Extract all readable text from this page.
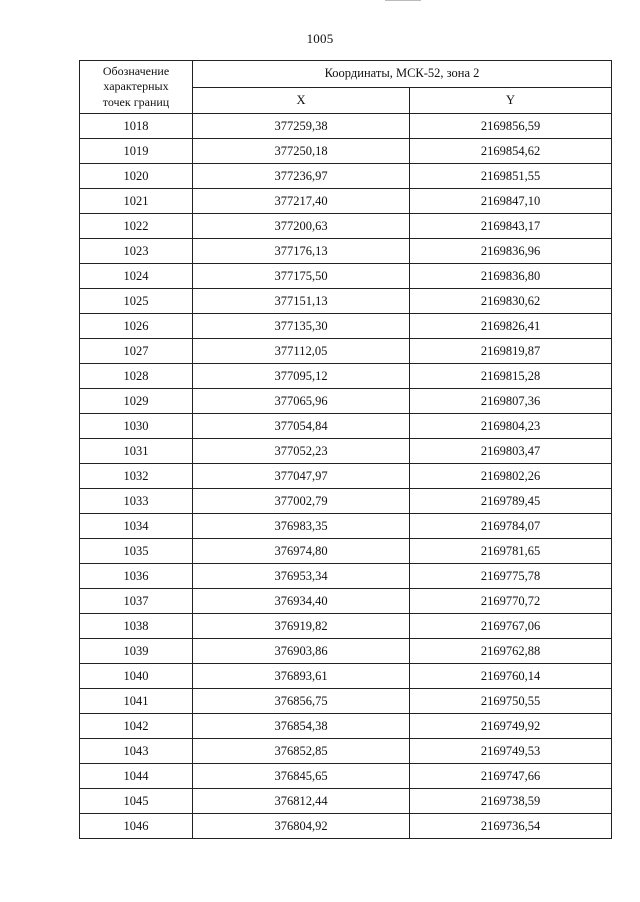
1005
Обозначение
характерных
точек границ	Координаты, МСК-52, зона 2	
	X	Y
1018	377259,38	2169856,59
1019	377250,18	2169854,62
1020	377236,97	2169851,55
1021	377217,40	2169847,10
1022	377200,63	2169843,17
1023	377176,13	2169836,96
1024	377175,50	2169836,80
1025	377151,13	2169830,62
1026	377135,30	2169826,41
1027	377112,05	2169819,87
1028	377095,12	2169815,28
1029	377065,96	2169807,36
1030	377054,84	2169804,23
1031	377052,23	2169803,47
1032	377047,97	2169802,26
1033	377002,79	2169789,45
1034	376983,35	2169784,07
1035	376974,80	2169781,65
1036	376953,34	2169775,78
1037	376934,40	2169770,72
1038	376919,82	2169767,06
1039	376903,86	2169762,88
1040	376893,61	2169760,14
1041	376856,75	2169750,55
1042	376854,38	2169749,92
1043	376852,85	2169749,53
1044	376845,65	2169747,66
1045	376812,44	2169738,59
1046	376804,92	2169736,54
